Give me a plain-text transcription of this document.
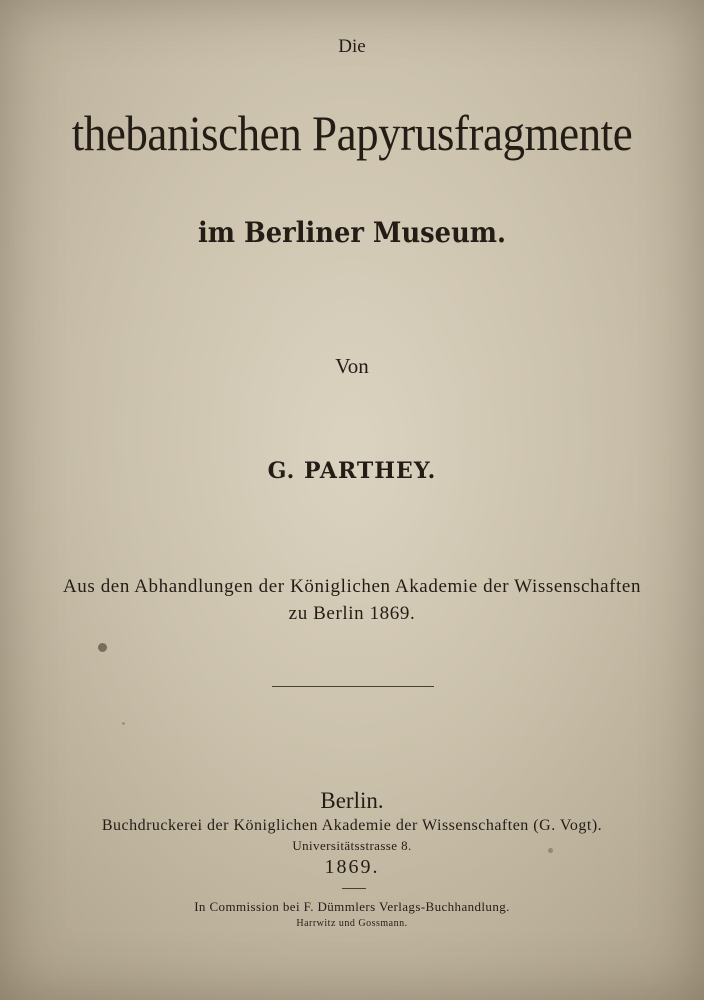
Die
thebanischen Papyrusfragmente
im Berliner Museum.
Von
G. PARTHEY.
Aus den Abhandlungen der Königlichen Akademie der Wissenschaften
zu Berlin 1869.
Berlin.
Buchdruckerei der Königlichen Akademie der Wissenschaften (G. Vogt).
Universitätsstrasse 8.
1869.
In Commission bei F. Dümmlers Verlags-Buchhandlung.
Harrwitz und Gossmann.
